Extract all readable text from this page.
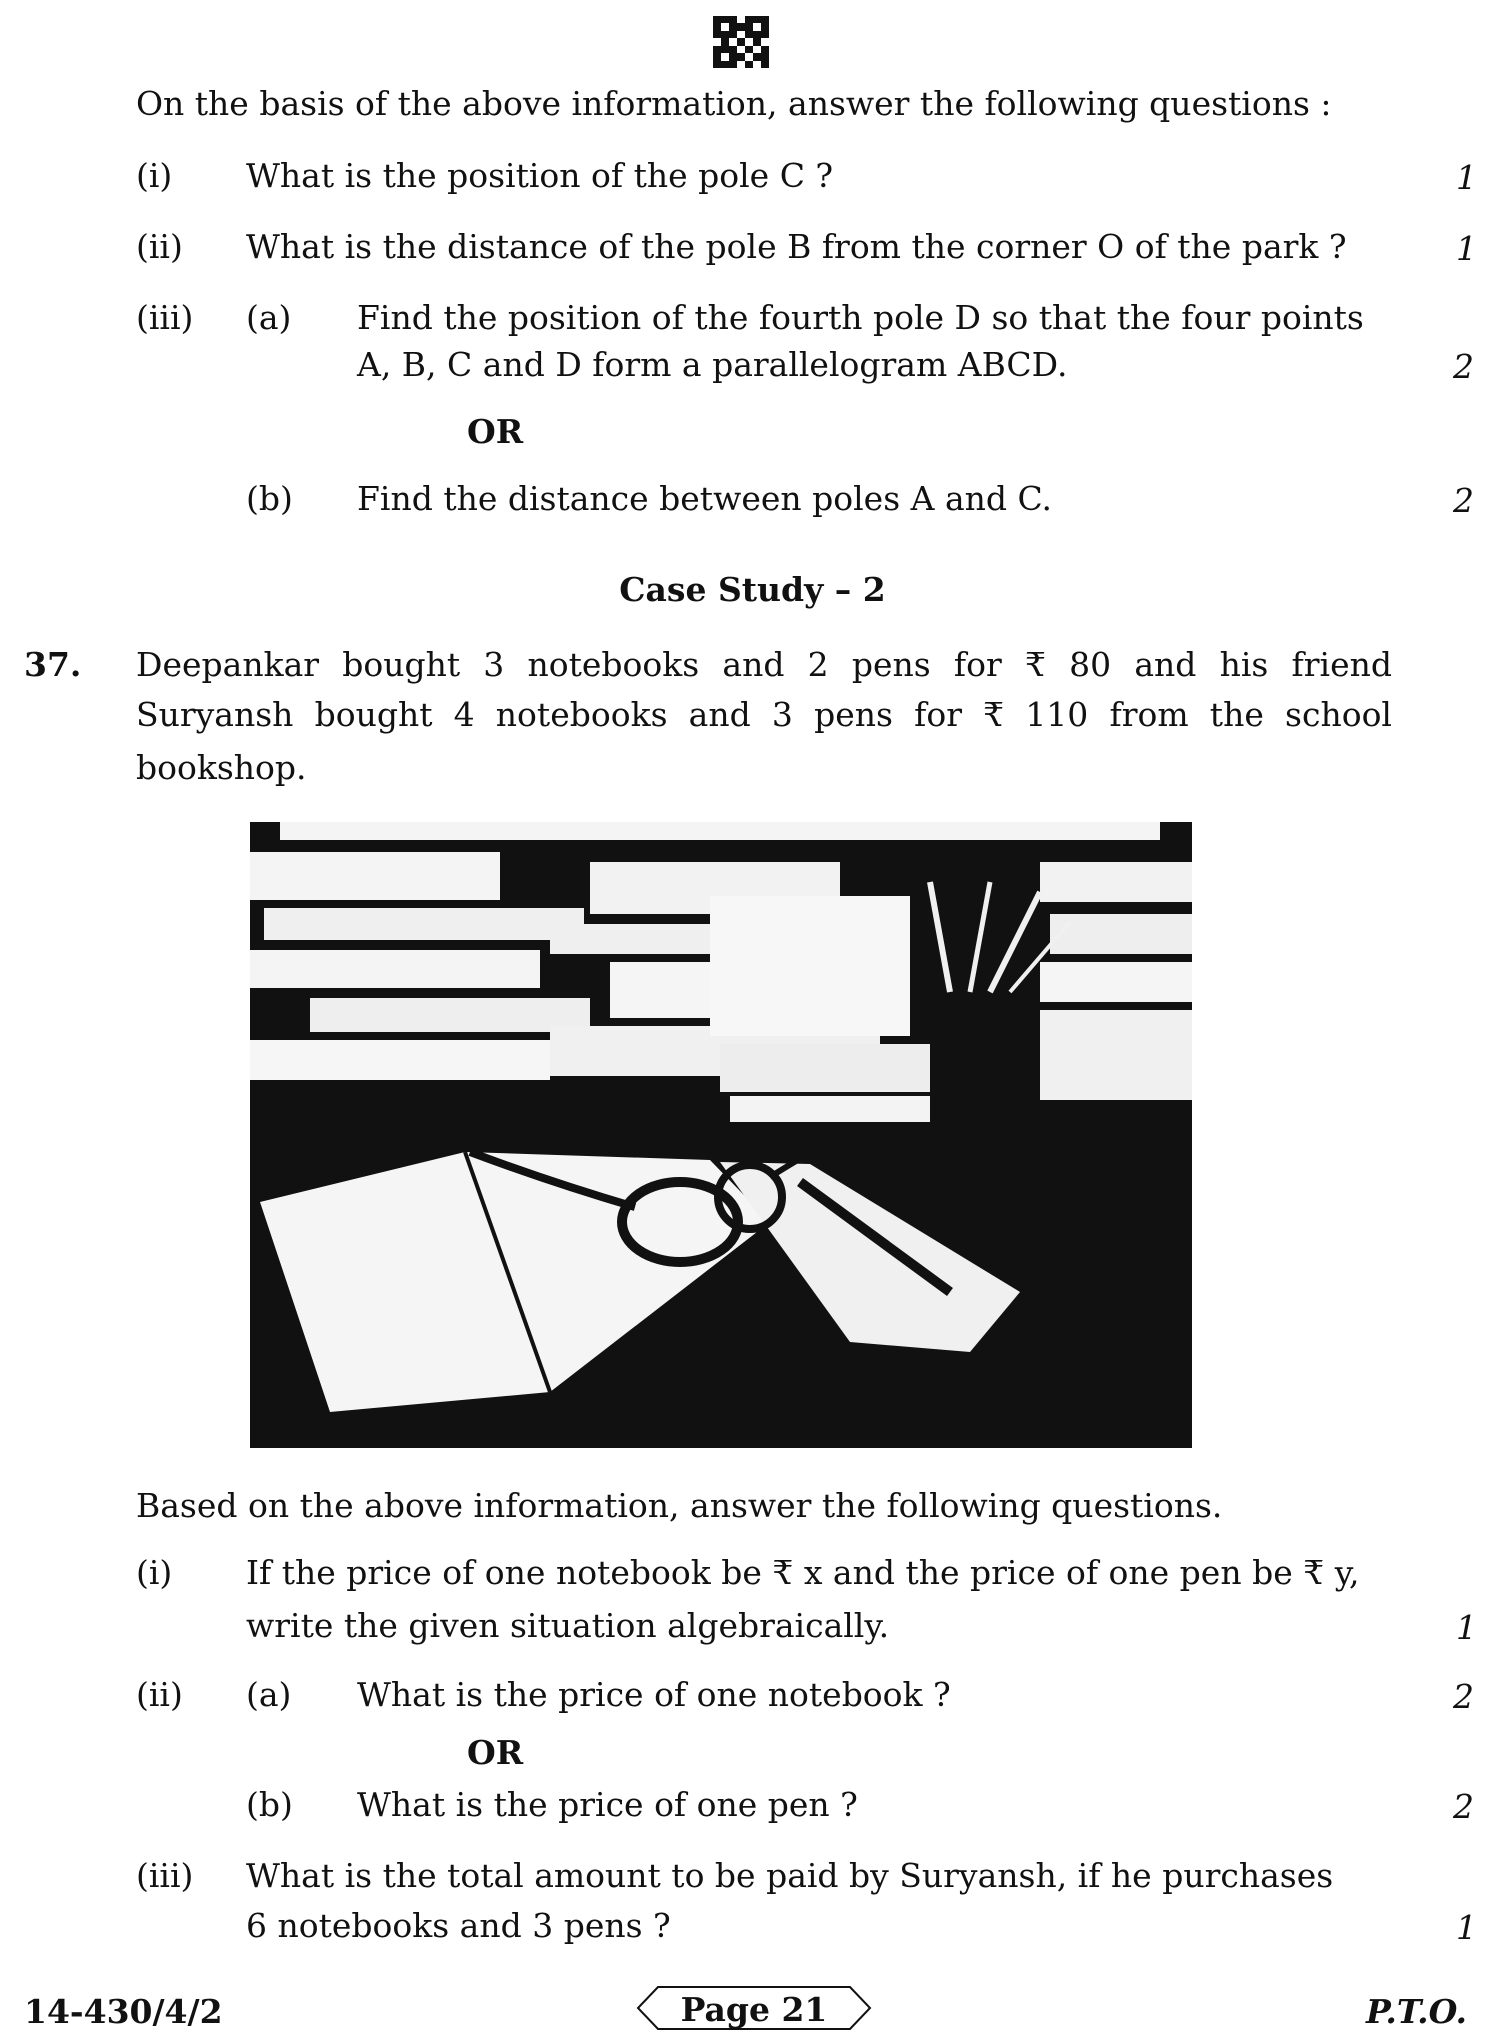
On the basis of the above information, answer the following questions :
(i) What is the position of the pole C ?	1
(ii) What is the distance of the pole B from the corner O of the park ?	1
(iii) (a) Find the position of the fourth pole D so that the four points
A, B, C and D form a parallelogram ABCD.	2
OR
(b) Find the distance between poles A and C.	2
Case Study – 2
37. Deepankar bought 3 notebooks and 2 pens for ₹ 80 and his friend
Suryansh bought 4 notebooks and 3 pens for ₹ 110 from the school
bookshop.
Based on the above information, answer the following questions.
(i) If the price of one notebook be ₹ x and the price of one pen be ₹ y,
write the given situation algebraically.	1
(ii) (a) What is the price of one notebook ?	2
OR
(b) What is the price of one pen ?	2
(iii) What is the total amount to be paid by Suryansh, if he purchases
6 notebooks and 3 pens ?	1
14-430/4/2	Page 21	P.T.O.
